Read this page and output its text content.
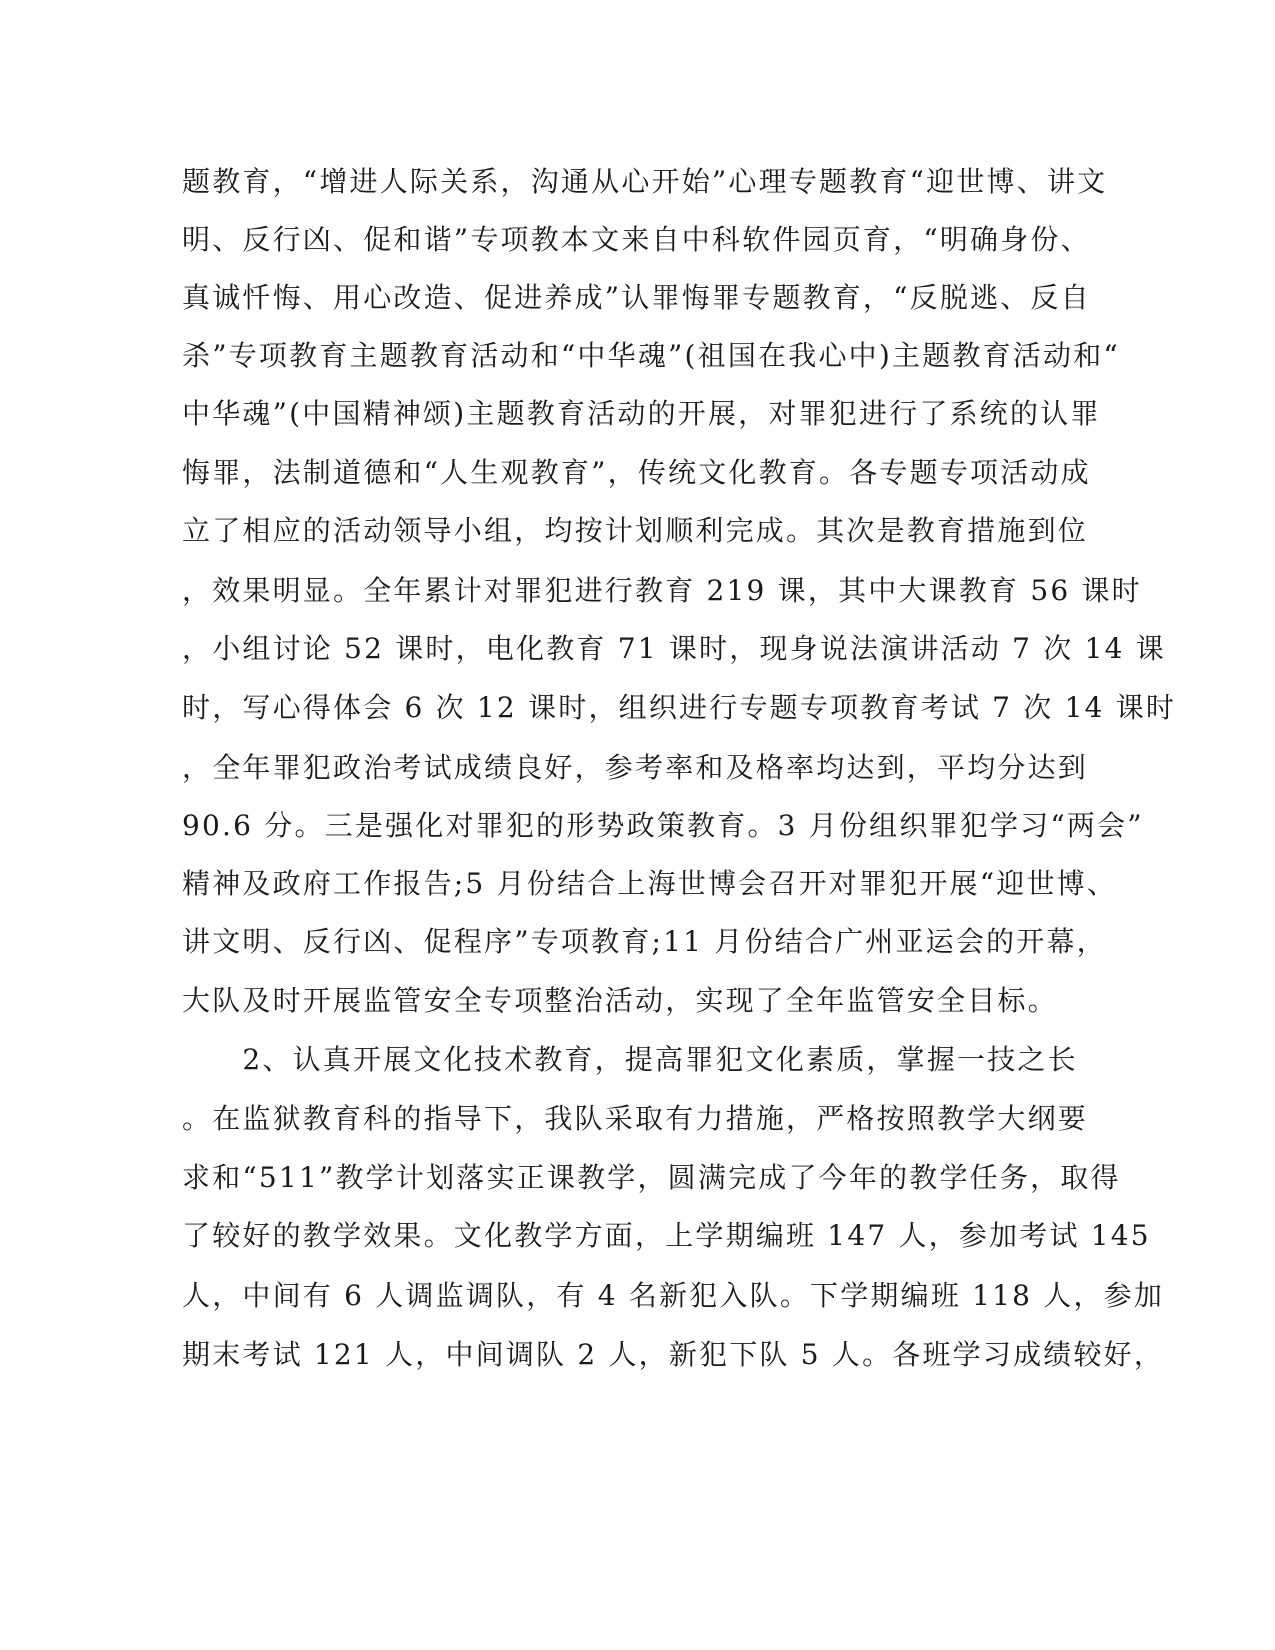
题教育，“增进人际关系，沟通从心开始”心理专题教育“迎世博、讲文

明、反行凶、促和谐”专项教本文来自中科软件园页育，“明确身份、

真诚忏悔、用心改造、促进养成”认罪悔罪专题教育，“反脱逃、反自

杀”专项教育主题教育活动和“中华魂”(祖国在我心中)主题教育活动和“

中华魂”(中国精神颂)主题教育活动的开展，对罪犯进行了系统的认罪

悔罪，法制道德和“人生观教育”，传统文化教育。各专题专项活动成

立了相应的活动领导小组，均按计划顺利完成。其次是教育措施到位

，效果明显。全年累计对罪犯进行教育 219 课，其中大课教育 56 课时

，小组讨论 52 课时，电化教育 71 课时，现身说法演讲活动 7 次 14 课

时，写心得体会 6 次 12 课时，组织进行专题专项教育考试 7 次 14 课时

，全年罪犯政治考试成绩良好，参考率和及格率均达到，平均分达到

90.6 分。三是强化对罪犯的形势政策教育。3 月份组织罪犯学习“两会”

精神及政府工作报告;5 月份结合上海世博会召开对罪犯开展“迎世博、

讲文明、反行凶、促程序”专项教育;11 月份结合广州亚运会的开幕，

大队及时开展监管安全专项整治活动，实现了全年监管安全目标。

　　2、认真开展文化技术教育，提高罪犯文化素质，掌握一技之长

。在监狱教育科的指导下，我队采取有力措施，严格按照教学大纲要

求和“511”教学计划落实正课教学，圆满完成了今年的教学任务，取得

了较好的教学效果。文化教学方面，上学期编班 147 人，参加考试 145

人，中间有 6 人调监调队，有 4 名新犯入队。下学期编班 118 人，参加

期末考试 121 人，中间调队 2 人，新犯下队 5 人。各班学习成绩较好，
